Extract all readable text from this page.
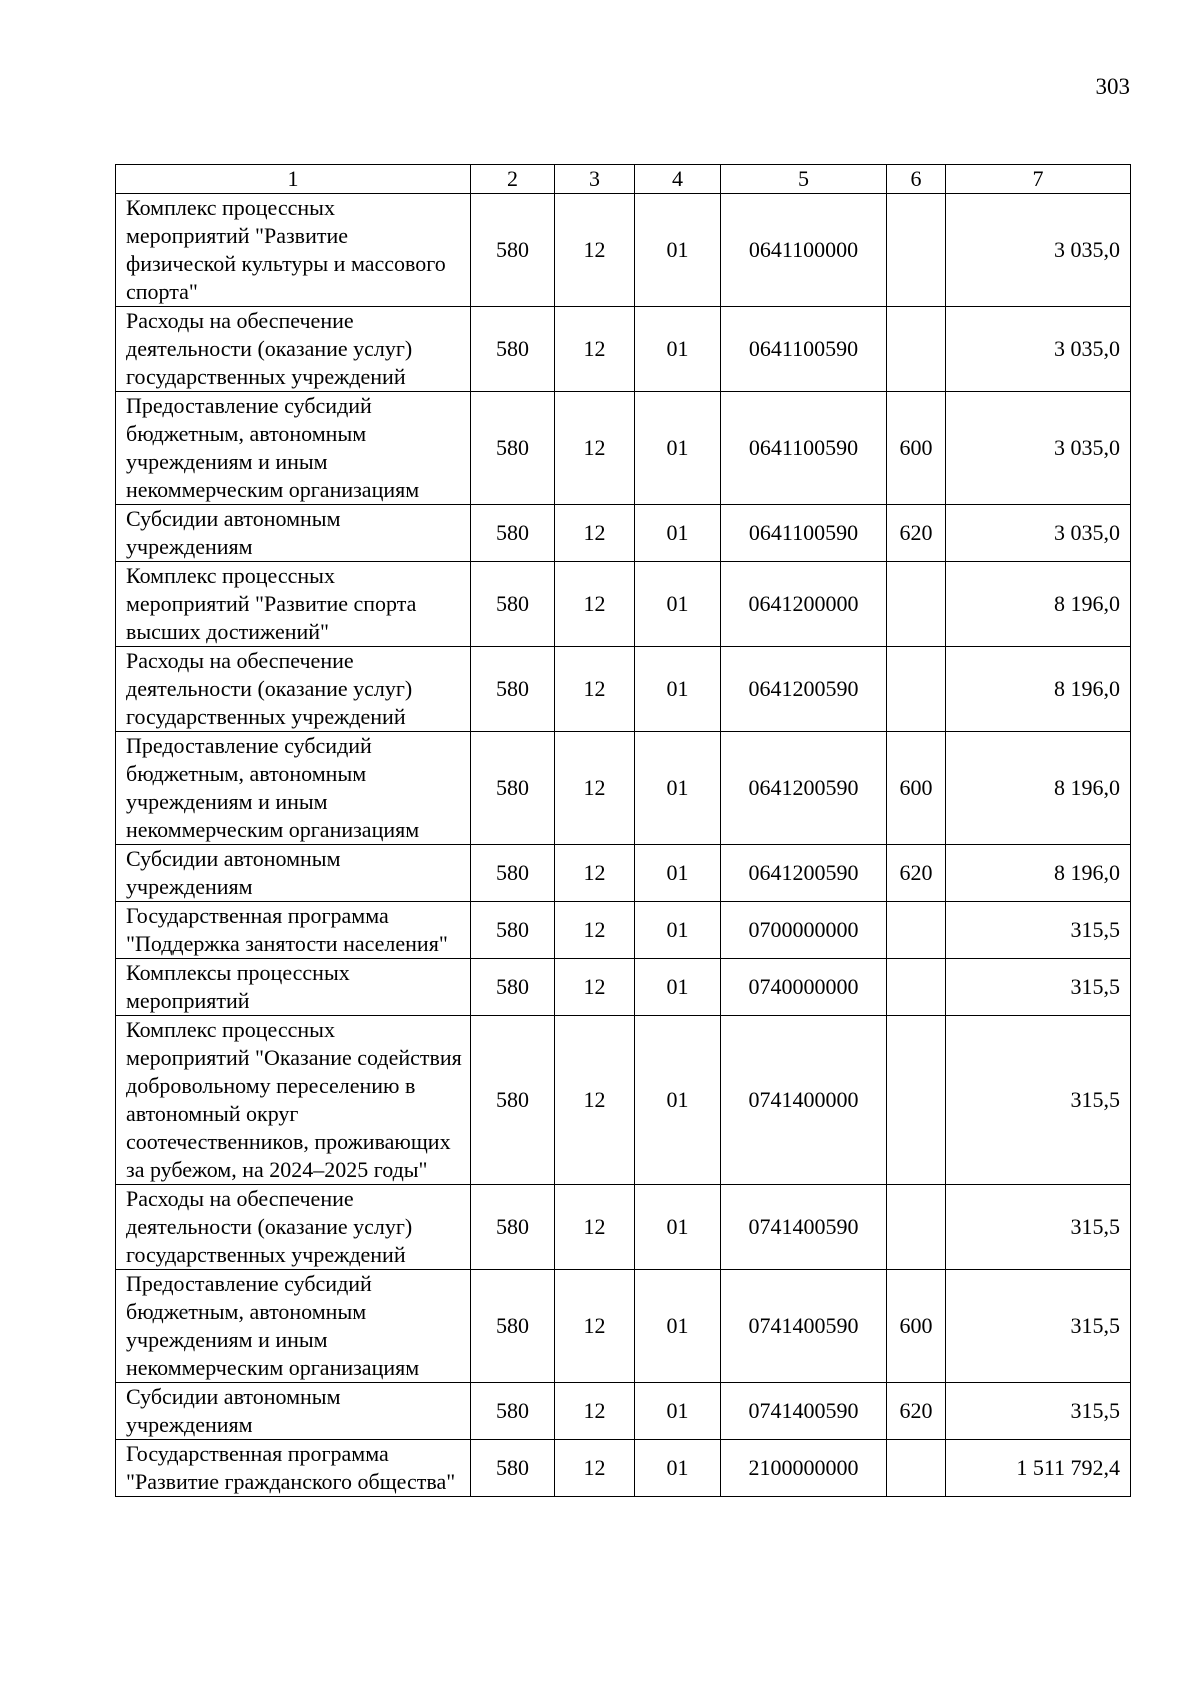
303
1	2	3	4	5	6	7
Комплекс процессных мероприятий "Развитие физической культуры и массового спорта"	580	12	01	0641100000		3 035,0
Расходы на обеспечение деятельности (оказание услуг) государственных учреждений	580	12	01	0641100590		3 035,0
Предоставление субсидий бюджетным, автономным учреждениям и иным некоммерческим организациям	580	12	01	0641100590	600	3 035,0
Субсидии автономным учреждениям	580	12	01	0641100590	620	3 035,0
Комплекс процессных мероприятий "Развитие спорта высших достижений"	580	12	01	0641200000		8 196,0
Расходы на обеспечение деятельности (оказание услуг) государственных учреждений	580	12	01	0641200590		8 196,0
Предоставление субсидий бюджетным, автономным учреждениям и иным некоммерческим организациям	580	12	01	0641200590	600	8 196,0
Субсидии автономным учреждениям	580	12	01	0641200590	620	8 196,0
Государственная программа "Поддержка занятости населения"	580	12	01	0700000000		315,5
Комплексы процессных мероприятий	580	12	01	0740000000		315,5
Комплекс процессных мероприятий "Оказание содействия добровольному переселению в автономный округ соотечественников, проживающих за рубежом, на 2024–2025 годы"	580	12	01	0741400000		315,5
Расходы на обеспечение деятельности (оказание услуг) государственных учреждений	580	12	01	0741400590		315,5
Предоставление субсидий бюджетным, автономным учреждениям и иным некоммерческим организациям	580	12	01	0741400590	600	315,5
Субсидии автономным учреждениям	580	12	01	0741400590	620	315,5
Государственная программа "Развитие гражданского общества"	580	12	01	2100000000		1 511 792,4
